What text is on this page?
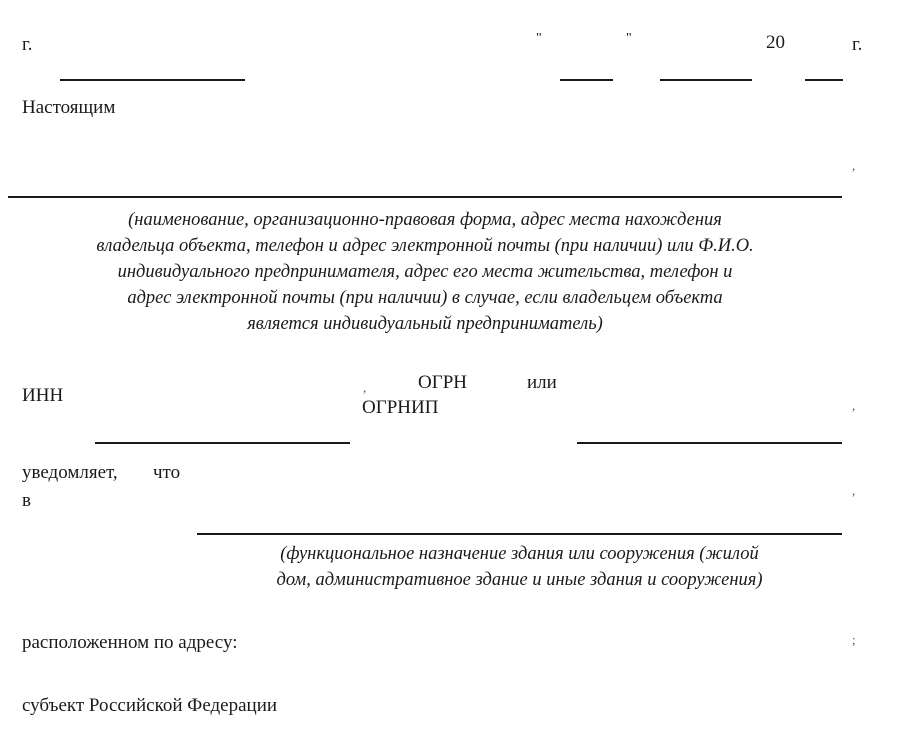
г.	"	"	20	г.
Настоящим
,
(наименование, организационно-правовая форма, адрес места нахождения
владельца объекта, телефон и адрес электронной почты (при наличии) или Ф.И.О.
индивидуального предпринимателя, адрес его места жительства, телефон и
адрес электронной почты (при наличии) в случае, если владельцем объекта
является индивидуальный предприниматель)
ИНН	,	ОГРН	или
ОГРНИП	,
уведомляет, что
в	,
(функциональное назначение здания или сооружения (жилой
дом, административное здание и иные здания и сооружения)
расположенном по адресу:	;
субъект Российской Федерации
